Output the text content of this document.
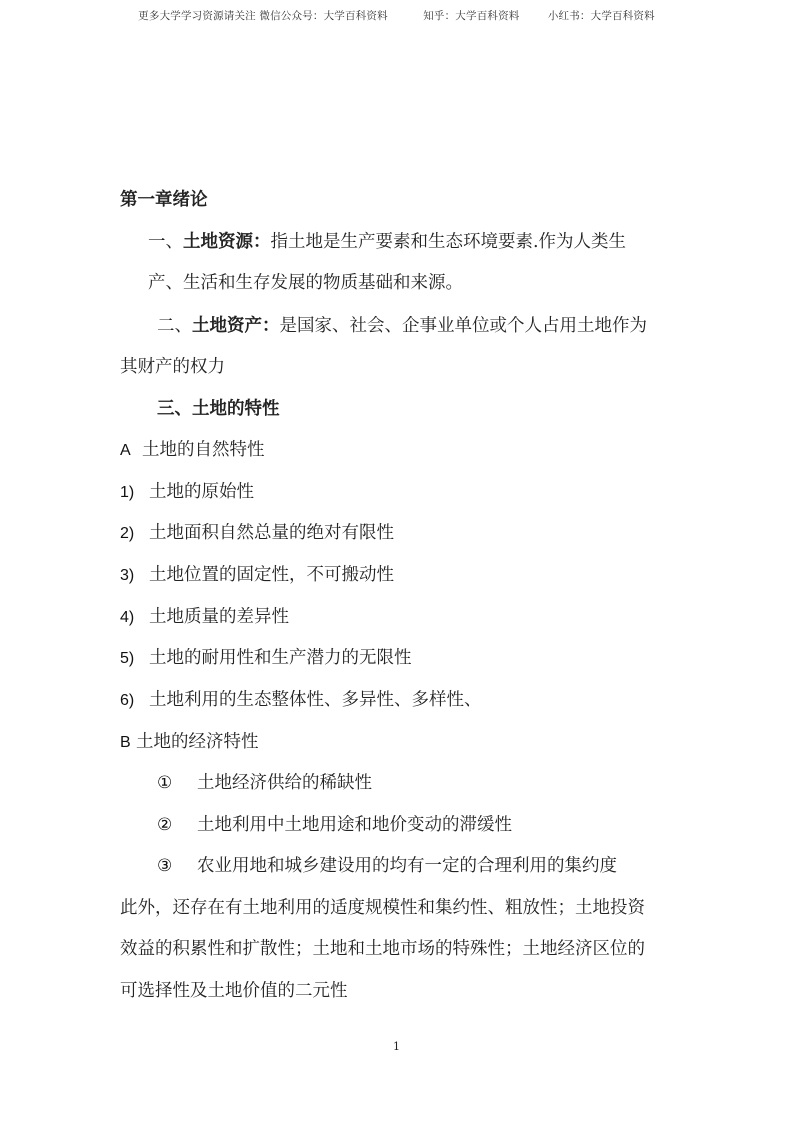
更多大学学习资源请关注 微信公众号：大学百科资料	知乎：大学百科资料	小红书：大学百科资料
第一章绪论
一、土地资源：指土地是生产要素和生态环境要素.作为人类生
产、生活和生存发展的物质基础和来源。
二、土地资产：是国家、社会、企事业单位或个人占用土地作为
其财产的权力
三、土地的特性
A 土地的自然特性
1) 土地的原始性
2) 土地面积自然总量的绝对有限性
3) 土地位置的固定性，不可搬动性
4) 土地质量的差异性
5) 土地的耐用性和生产潜力的无限性
6) 土地利用的生态整体性、多异性、多样性、
B 土地的经济特性
① 土地经济供给的稀缺性
② 土地利用中土地用途和地价变动的滞缓性
③ 农业用地和城乡建设用的均有一定的合理利用的集约度
此外，还存在有土地利用的适度规模性和集约性、粗放性；土地投资
效益的积累性和扩散性；土地和土地市场的特殊性；土地经济区位的
可选择性及土地价值的二元性
1
